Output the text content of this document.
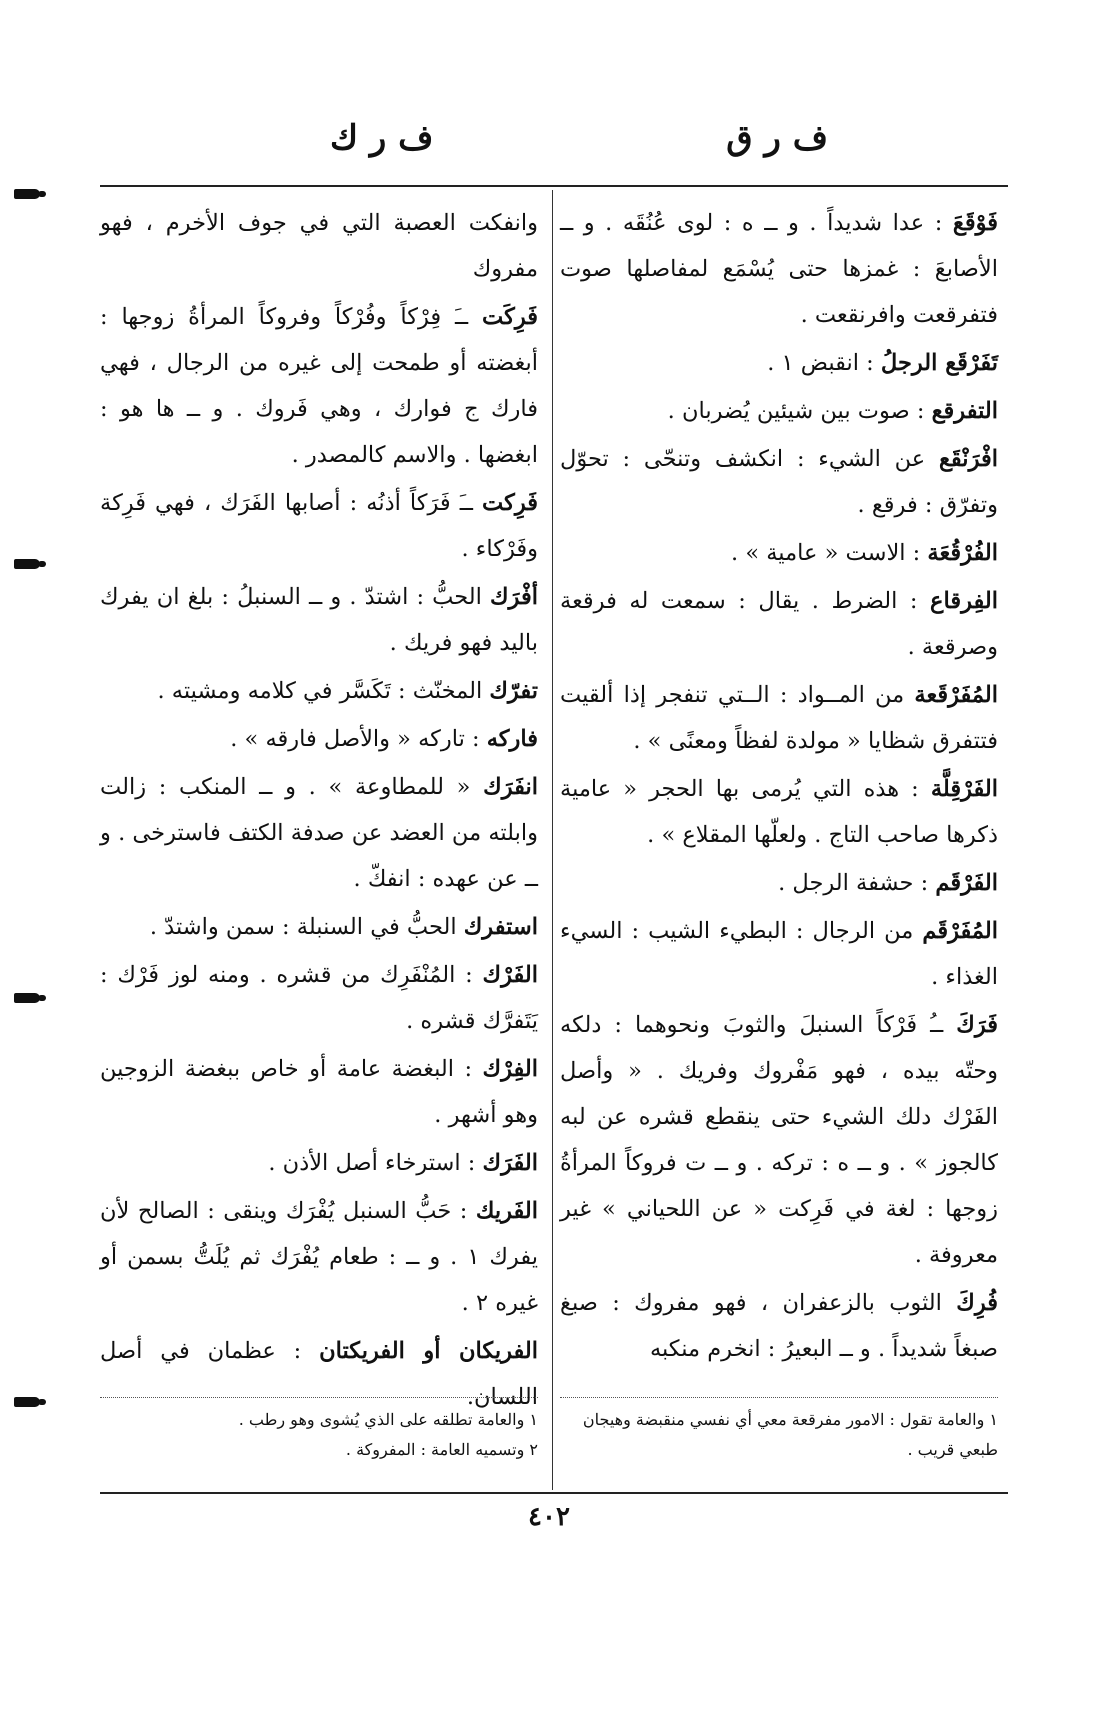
ف ر ق
ف ر ك
فَوْقَعَ : عدا شديداً . و ــ ه : لوى عُنُقَه . و ــ الأصابعَ : غمزها حتى يُسْمَع لمفاصلها صوت فتفرقعت وافرنقعت .
تَفَرْقَع الرجلُ : انقبض ١ .
التفرقع : صوت بين شيئين يُضربان .
افْرَنْقَع عن الشيء : انكشف وتنحّى : تحوّل وتفرّق : فرقع .
الفُرْقُعَة : الاست « عامية » .
الفِرقاع : الضرط . يقال : سمعت له فرقعة وصرقعة .
المُفَرْقَعة من المــواد : الــتي تنفجر إذا ألقيت فتتفرق شظايا « مولدة لفظاً ومعنًى » .
الفَرْقِلَّة : هذه التي يُرمى بها الحجر « عامية ذكرها صاحب التاج . ولعلّها المقلاع » .
الفَرْقَم : حشفة الرجل .
المُفَرْقَم من الرجال : البطيء الشيب : السيء الغذاء .
فَرَكَ ــُ فَرْكاً السنبلَ والثوبَ ونحوهما : دلكه وحتّه بيده ، فهو مَفْروك وفريك . « وأصل الفَرْك دلك الشيء حتى ينقطع قشره عن لبه كالجوز » . و ــ ه : تركه . و ــ ت فروكاً المرأةُ زوجها : لغة في فَرِكت « عن اللحياني » غير معروفة .
فُرِكَ الثوب بالزعفران ، فهو مفروك : صبغ صبغاً شديداً . و ــ البعيرُ : انخرم منكبه
وانفكت العصبة التي في جوف الأخرم ، فهو مفروك
فَرِكَت ــَ فِرْكاً وفُرْكاً وفروكاً المرأةُ زوجها : أبغضته أو طمحت إلى غيره من الرجال ، فهي فارك ج فوارك ، وهي فَروك . و ــ ها هو : ابغضها . والاسم كالمصدر .
فَرِكت ــَ فَرَكاً أذنُه : أصابها الفَرَك ، فهي فَرِكة وفَرْكاء .
أفْرَك الحبُّ : اشتدّ . و ــ السنبلُ : بلغ ان يفرك باليد فهو فريك .
تفرّك المخنّث : تَكَسَّر في كلامه ومشيته .
فاركه : تاركه « والأصل فارقه » .
انفَرَك « للمطاوعة » . و ــ المنكب : زالت وابلته من العضد عن صدفة الكتف فاسترخى . و ــ عن عهده : انفكّ .
استفرك الحبُّ في السنبلة : سمن واشتدّ .
الفَرْك : المُنْفَرِك من قشره . ومنه لوز فَرْك : يَتَفرَّك قشره .
الفِرْك : البغضة عامة أو خاص ببغضة الزوجين وهو أشهر .
الفَرَك : استرخاء أصل الأذن .
الفَريك : حَبُّ السنبل يُفْرَك وينقى : الصالح لأن يفرك ١ . و ــ : طعام يُفْرَك ثم يُلَتُّ بسمن أو غيره ٢ .
الفريكان أو الفريكتان : عظمان في أصل اللسان.
١ والعامة تقول : الامور مفرقعة معي أي نفسي منقبضة وهيجان طبعي قريب .
١ والعامة تطلقه على الذي يُشوى وهو رطب .
٢ وتسميه العامة : المفروكة .
٤٠٢
